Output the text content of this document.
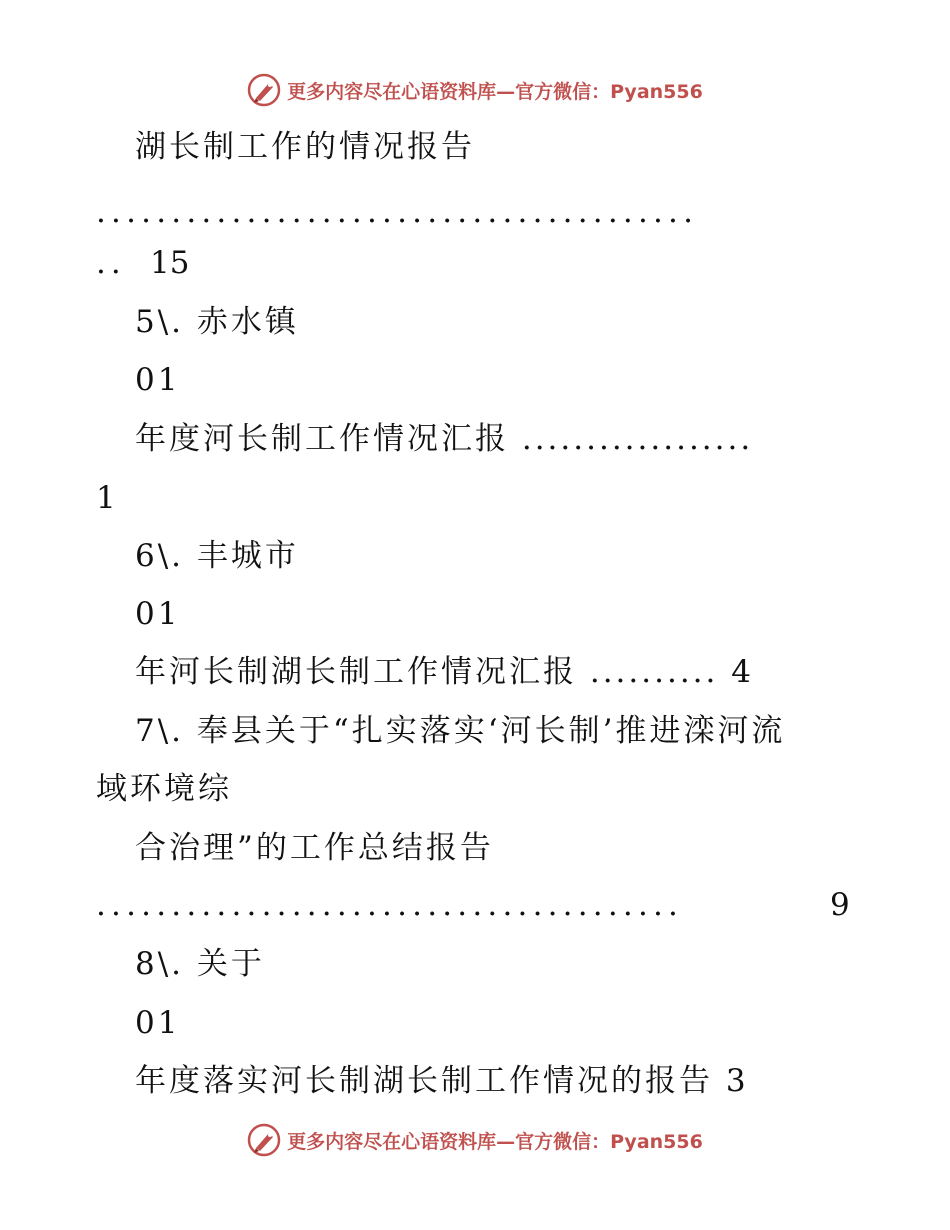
更多内容尽在心语资料库—官方微信：Pyan556
湖长制工作的情况报告
........................................
.. 15
5\. 赤水镇
01
年度河长制工作情况汇报 ..................
1
6\. 丰城市
01
年河长制湖长制工作情况汇报 .......... 4
7\. 奉县关于“扎实落实‘河长制’推进滦河流
域环境综
合治理”的工作总结报告
.......................................	9
8\. 关于
01
年度落实河长制湖长制工作情况的报告 3
更多内容尽在心语资料库—官方微信：Pyan556
